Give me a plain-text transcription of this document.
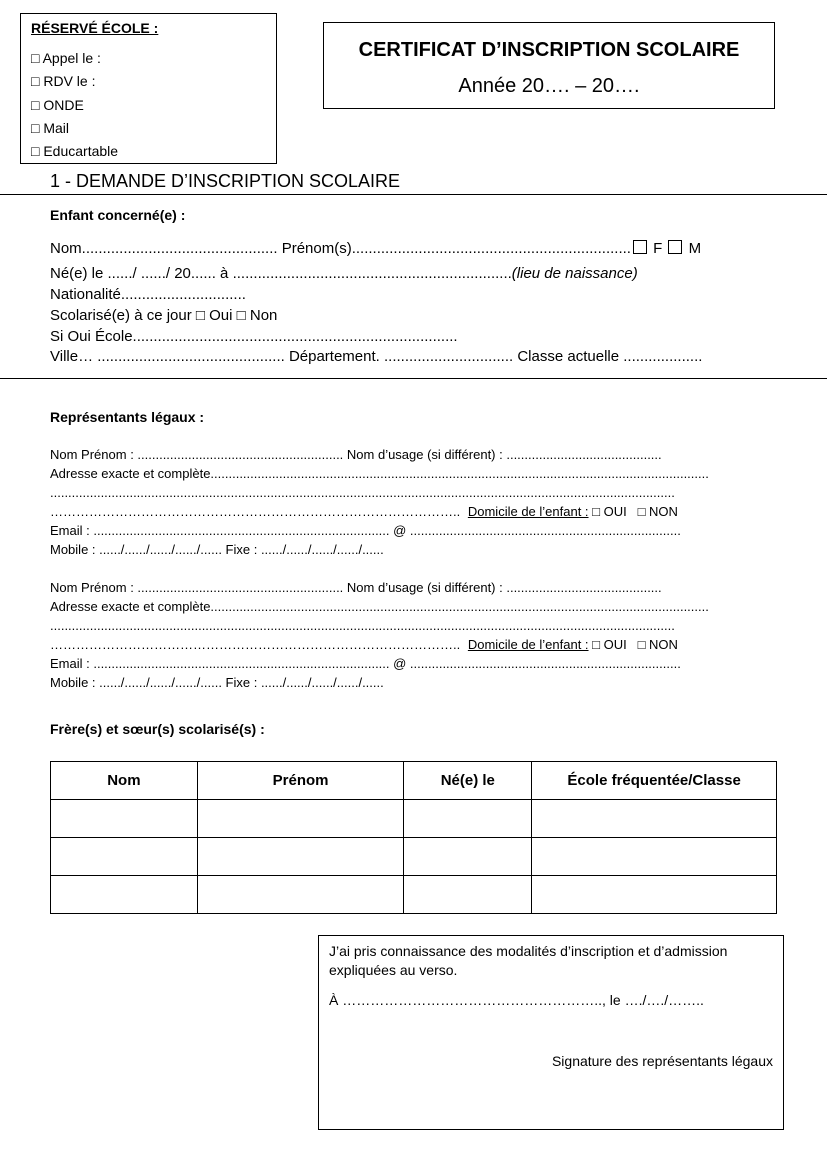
RÉSERVÉ ÉCOLE :
□ Appel le :
□ RDV le :
□ ONDE
□ Mail
□ Educartable
CERTIFICAT D’INSCRIPTION SCOLAIRE
Année 20…. – 20….
1 - DEMANDE D’INSCRIPTION SCOLAIRE
Enfant concerné(e) :
Nom............................................... Prénom(s)................................................................... F M
Né(e) le ....../ ....../ 20...... à ...................................................................(lieu de naissance)
Nationalité..............................
Scolarisé(e) à ce jour □ Oui □ Non
Si Oui École..............................................................................
Ville… ............................................. Département. ............................... Classe actuelle ...................
Représentants légaux :
Nom Prénom : ......................................................... Nom d’usage (si différent) : ...........................................
Adresse exacte et complète..........................................................................................................................................
.............................................................................................................................................................................
………………………………………………………………………………….. Domicile de l’enfant : □ OUI   □ NON
Email : .................................................................................. @ ...........................................................................
Mobile : ....../....../....../....../...... Fixe : ....../....../....../....../......
Nom Prénom : ......................................................... Nom d’usage (si différent) : ...........................................
Adresse exacte et complète..........................................................................................................................................
.............................................................................................................................................................................
………………………………………………………………………………….. Domicile de l’enfant : □ OUI   □ NON
Email : .................................................................................. @ ...........................................................................
Mobile : ....../....../....../....../...... Fixe : ....../....../....../....../......
Frère(s) et sœur(s) scolarisé(s) :
Nom	Prénom	Né(e) le	École fréquentée/Classe

J’ai pris connaissance des modalités d’inscription et d’admission
expliquées au verso.
À ……………………………………………….., le …./…./……..
Signature des représentants légaux
